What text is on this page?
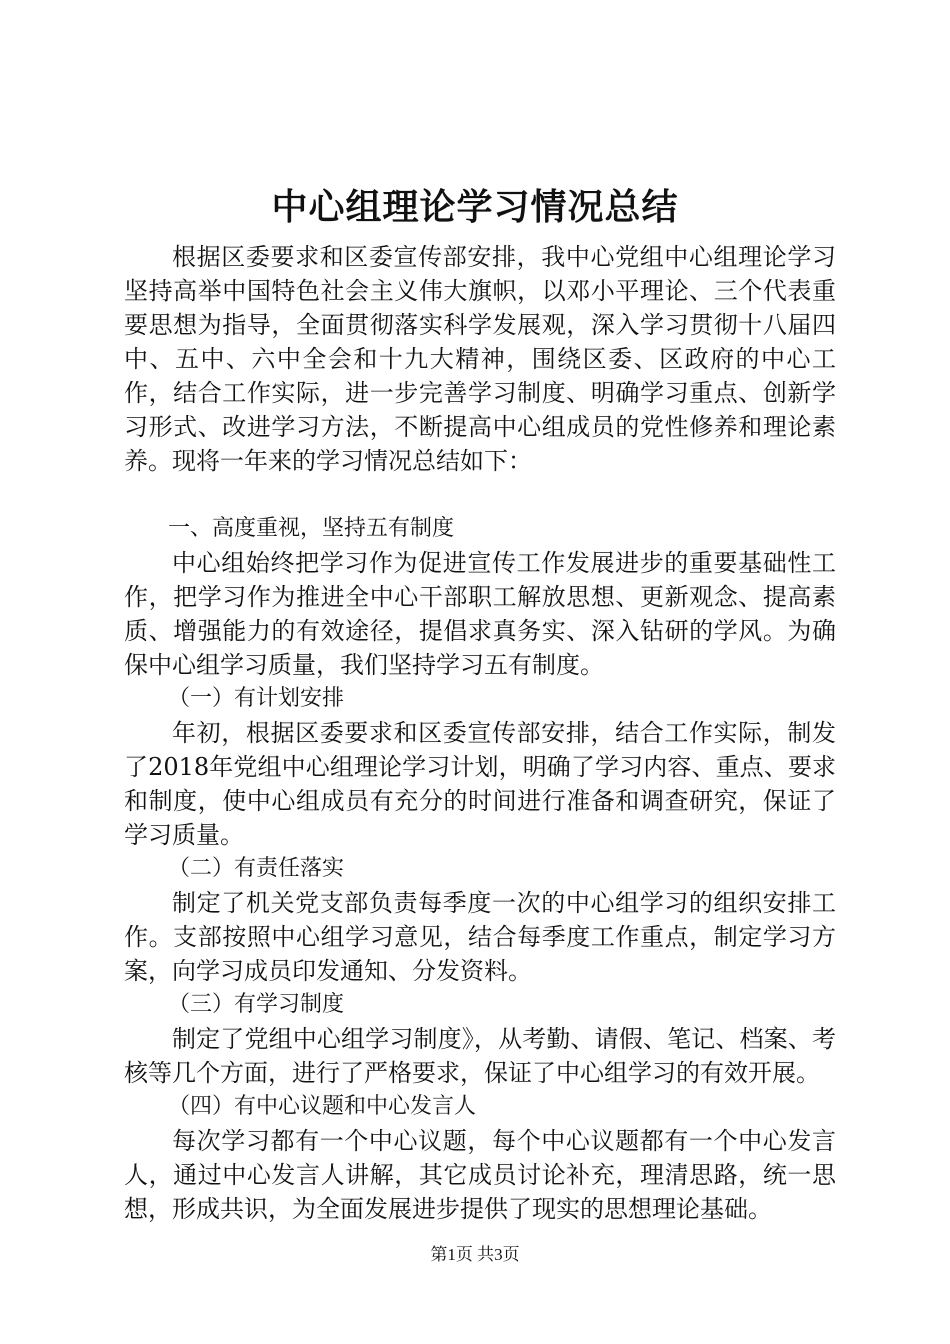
中心组理论学习情况总结

根据区委要求和区委宣传部安排，我中心党组中心组理论学习坚持高举中国特色社会主义伟大旗帜，以邓小平理论、三个代表重要思想为指导，全面贯彻落实科学发展观，深入学习贯彻十八届四中、五中、六中全会和十九大精神，围绕区委、区政府的中心工作，结合工作实际，进一步完善学习制度、明确学习重点、创新学习形式、改进学习方法，不断提高中心组成员的党性修养和理论素养。现将一年来的学习情况总结如下：

一、高度重视，坚持五有制度

中心组始终把学习作为促进宣传工作发展进步的重要基础性工作，把学习作为推进全中心干部职工解放思想、更新观念、提高素质、增强能力的有效途径，提倡求真务实、深入钻研的学风。为确保中心组学习质量，我们坚持学习五有制度。

（一）有计划安排

年初，根据区委要求和区委宣传部安排，结合工作实际，制发了2018年党组中心组理论学习计划，明确了学习内容、重点、要求和制度，使中心组成员有充分的时间进行准备和调查研究，保证了学习质量。

（二）有责任落实

制定了机关党支部负责每季度一次的中心组学习的组织安排工作。支部按照中心组学习意见，结合每季度工作重点，制定学习方案，向学习成员印发通知、分发资料。

（三）有学习制度

制定了党组中心组学习制度》，从考勤、请假、笔记、档案、考核等几个方面，进行了严格要求，保证了中心组学习的有效开展。

（四）有中心议题和中心发言人

每次学习都有一个中心议题，每个中心议题都有一个中心发言人，通过中心发言人讲解，其它成员讨论补充，理清思路，统一思想，形成共识，为全面发展进步提供了现实的思想理论基础。

第1页 共3页
